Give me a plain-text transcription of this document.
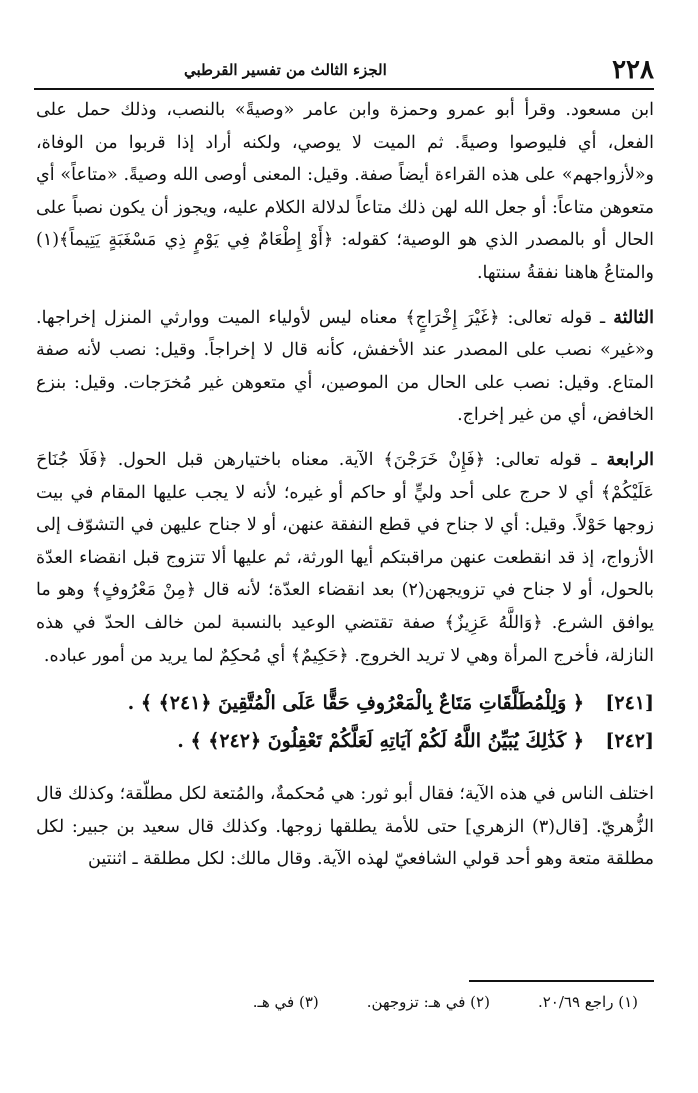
الجزء الثالث من تفسير القرطبي	٢٢٨

ابن مسعود. وقرأ أبو عمرو وحمزة وابن عامر «وصيةً» بالنصب، وذلك حمل على الفعل، أي فليوصوا وصيةً. ثم الميت لا يوصي، ولكنه أراد إذا قربوا من الوفاة، و«لأزواجهم» على هذه القراءة أيضاً صفة. وقيل: المعنى أوصى الله وصيةً. «متاعاً» أي متعوهن متاعاً: أو جعل الله لهن ذلك متاعاً لدلالة الكلام عليه، ويجوز أن يكون نصباً على الحال أو بالمصدر الذي هو الوصية؛ كقوله: ﴿أَوْ إِطْعَامٌ فِي يَوْمٍ ذِي مَسْغَبَةٍ يَتِيماً﴾(١) والمتاعُ هاهنا نفقةُ سنتها.

الثالثة ـ قوله تعالى: ﴿غَيْرَ إِخْرَاجٍ﴾ معناه ليس لأولياء الميت ووارثي المنزل إخراجها. و«غير» نصب على المصدر عند الأخفش، كأنه قال لا إخراجاً. وقيل: نصب لأنه صفة المتاع. وقيل: نصب على الحال من الموصين، أي متعوهن غير مُخرَجات. وقيل: بنزع الخافض، أي من غير إخراج.

الرابعة ـ قوله تعالى: ﴿فَإِنْ خَرَجْنَ﴾ الآية. معناه باختيارهن قبل الحول. ﴿فَلَا جُنَاحَ عَلَيْكُمْ﴾ أي لا حرج على أحد وليٍّ أو حاكم أو غيره؛ لأنه لا يجب عليها المقام في بيت زوجها حَوْلاً. وقيل: أي لا جناح في قطع النفقة عنهن، أو لا جناح عليهن في التشوّف إلى الأزواج، إذ قد انقطعت عنهن مراقبتكم أيها الورثة، ثم عليها ألا تتزوج قبل انقضاء العدّة بالحول، أو لا جناح في تزويجهن(٢) بعد انقضاء العدّة؛ لأنه قال ﴿مِنْ مَعْرُوفٍ﴾ وهو ما يوافق الشرع. ﴿وَاللَّهُ عَزِيزٌ﴾ صفة تقتضي الوعيد بالنسبة لمن خالف الحدّ في هذه النازلة، فأخرج المرأة وهي لا تريد الخروج. ﴿حَكِيمٌ﴾ أي مُحكِمٌ لما يريد من أمور عباده.

[٢٤١]
﴿ وَلِلْمُطَلَّقَاتِ مَتَاعٌ بِالْمَعْرُوفِ حَقًّا عَلَى الْمُتَّقِينَ ﴿٢٤١﴾ ﴾ .
[٢٤٢]
﴿ كَذَٰلِكَ يُبَيِّنُ اللَّهُ لَكُمْ آيَاتِهِ لَعَلَّكُمْ تَعْقِلُونَ ﴿٢٤٢﴾ ﴾ .

اختلف الناس في هذه الآية؛ فقال أبو ثور: هي مُحكمةٌ، والمُتعة لكل مطلّقة؛ وكذلك قال الزُّهريّ. [قال(٣) الزهري] حتى للأمة يطلقها زوجها. وكذلك قال سعيد بن جبير: لكل مطلقة متعة وهو أحد قولي الشافعيّ لهذه الآية. وقال مالك: لكل مطلقة ـ اثنتين

(١) راجع ٢٠/٦٩.
(٢) في هـ: تزوجهن.
(٣) في هـ.
